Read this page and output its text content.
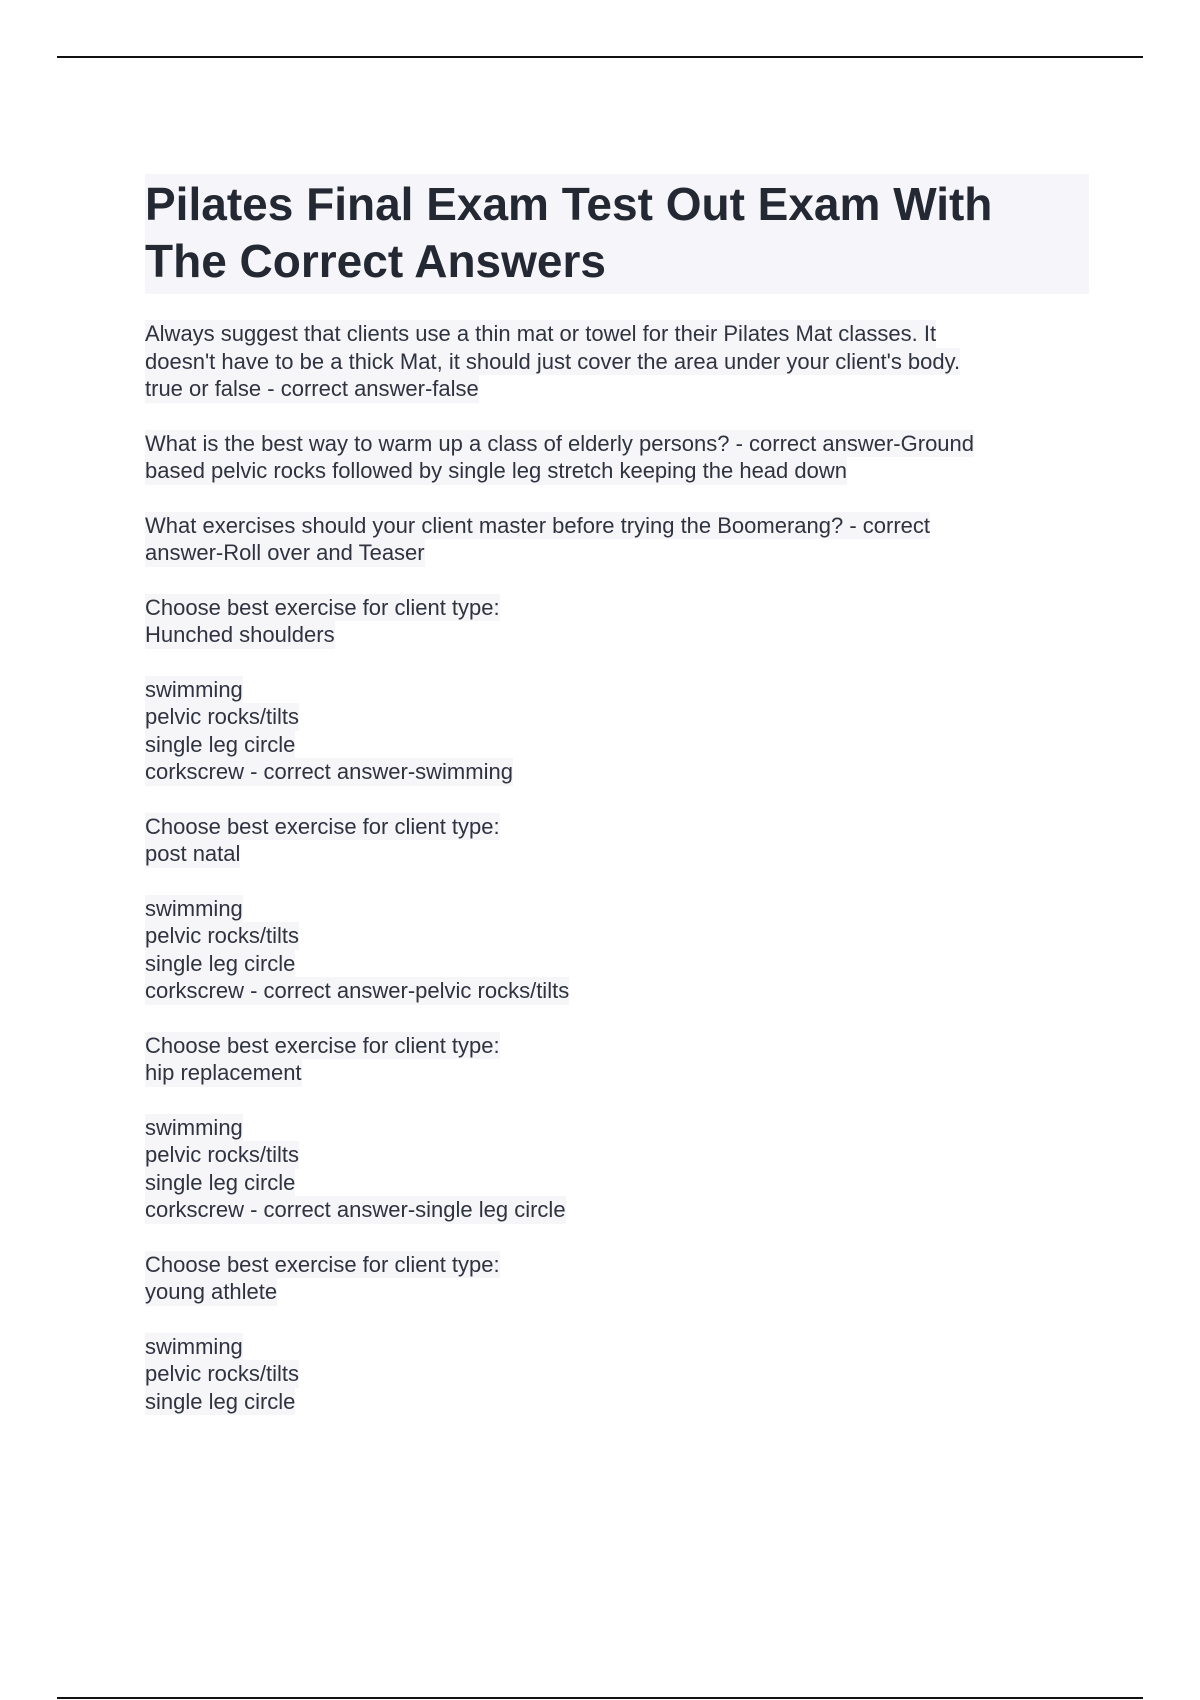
Pilates Final Exam Test Out Exam With
The Correct Answers
Always suggest that clients use a thin mat or towel for their Pilates Mat classes. It
doesn't have to be a thick Mat, it should just cover the area under your client's body.
true or false - correct answer-false
What is the best way to warm up a class of elderly persons? - correct answer-Ground
based pelvic rocks followed by single leg stretch keeping the head down
What exercises should your client master before trying the Boomerang? - correct
answer-Roll over and Teaser
Choose best exercise for client type:
Hunched shoulders
swimming
pelvic rocks/tilts
single leg circle
corkscrew - correct answer-swimming
Choose best exercise for client type:
post natal
swimming
pelvic rocks/tilts
single leg circle
corkscrew - correct answer-pelvic rocks/tilts
Choose best exercise for client type:
hip replacement
swimming
pelvic rocks/tilts
single leg circle
corkscrew - correct answer-single leg circle
Choose best exercise for client type:
young athlete
swimming
pelvic rocks/tilts
single leg circle
